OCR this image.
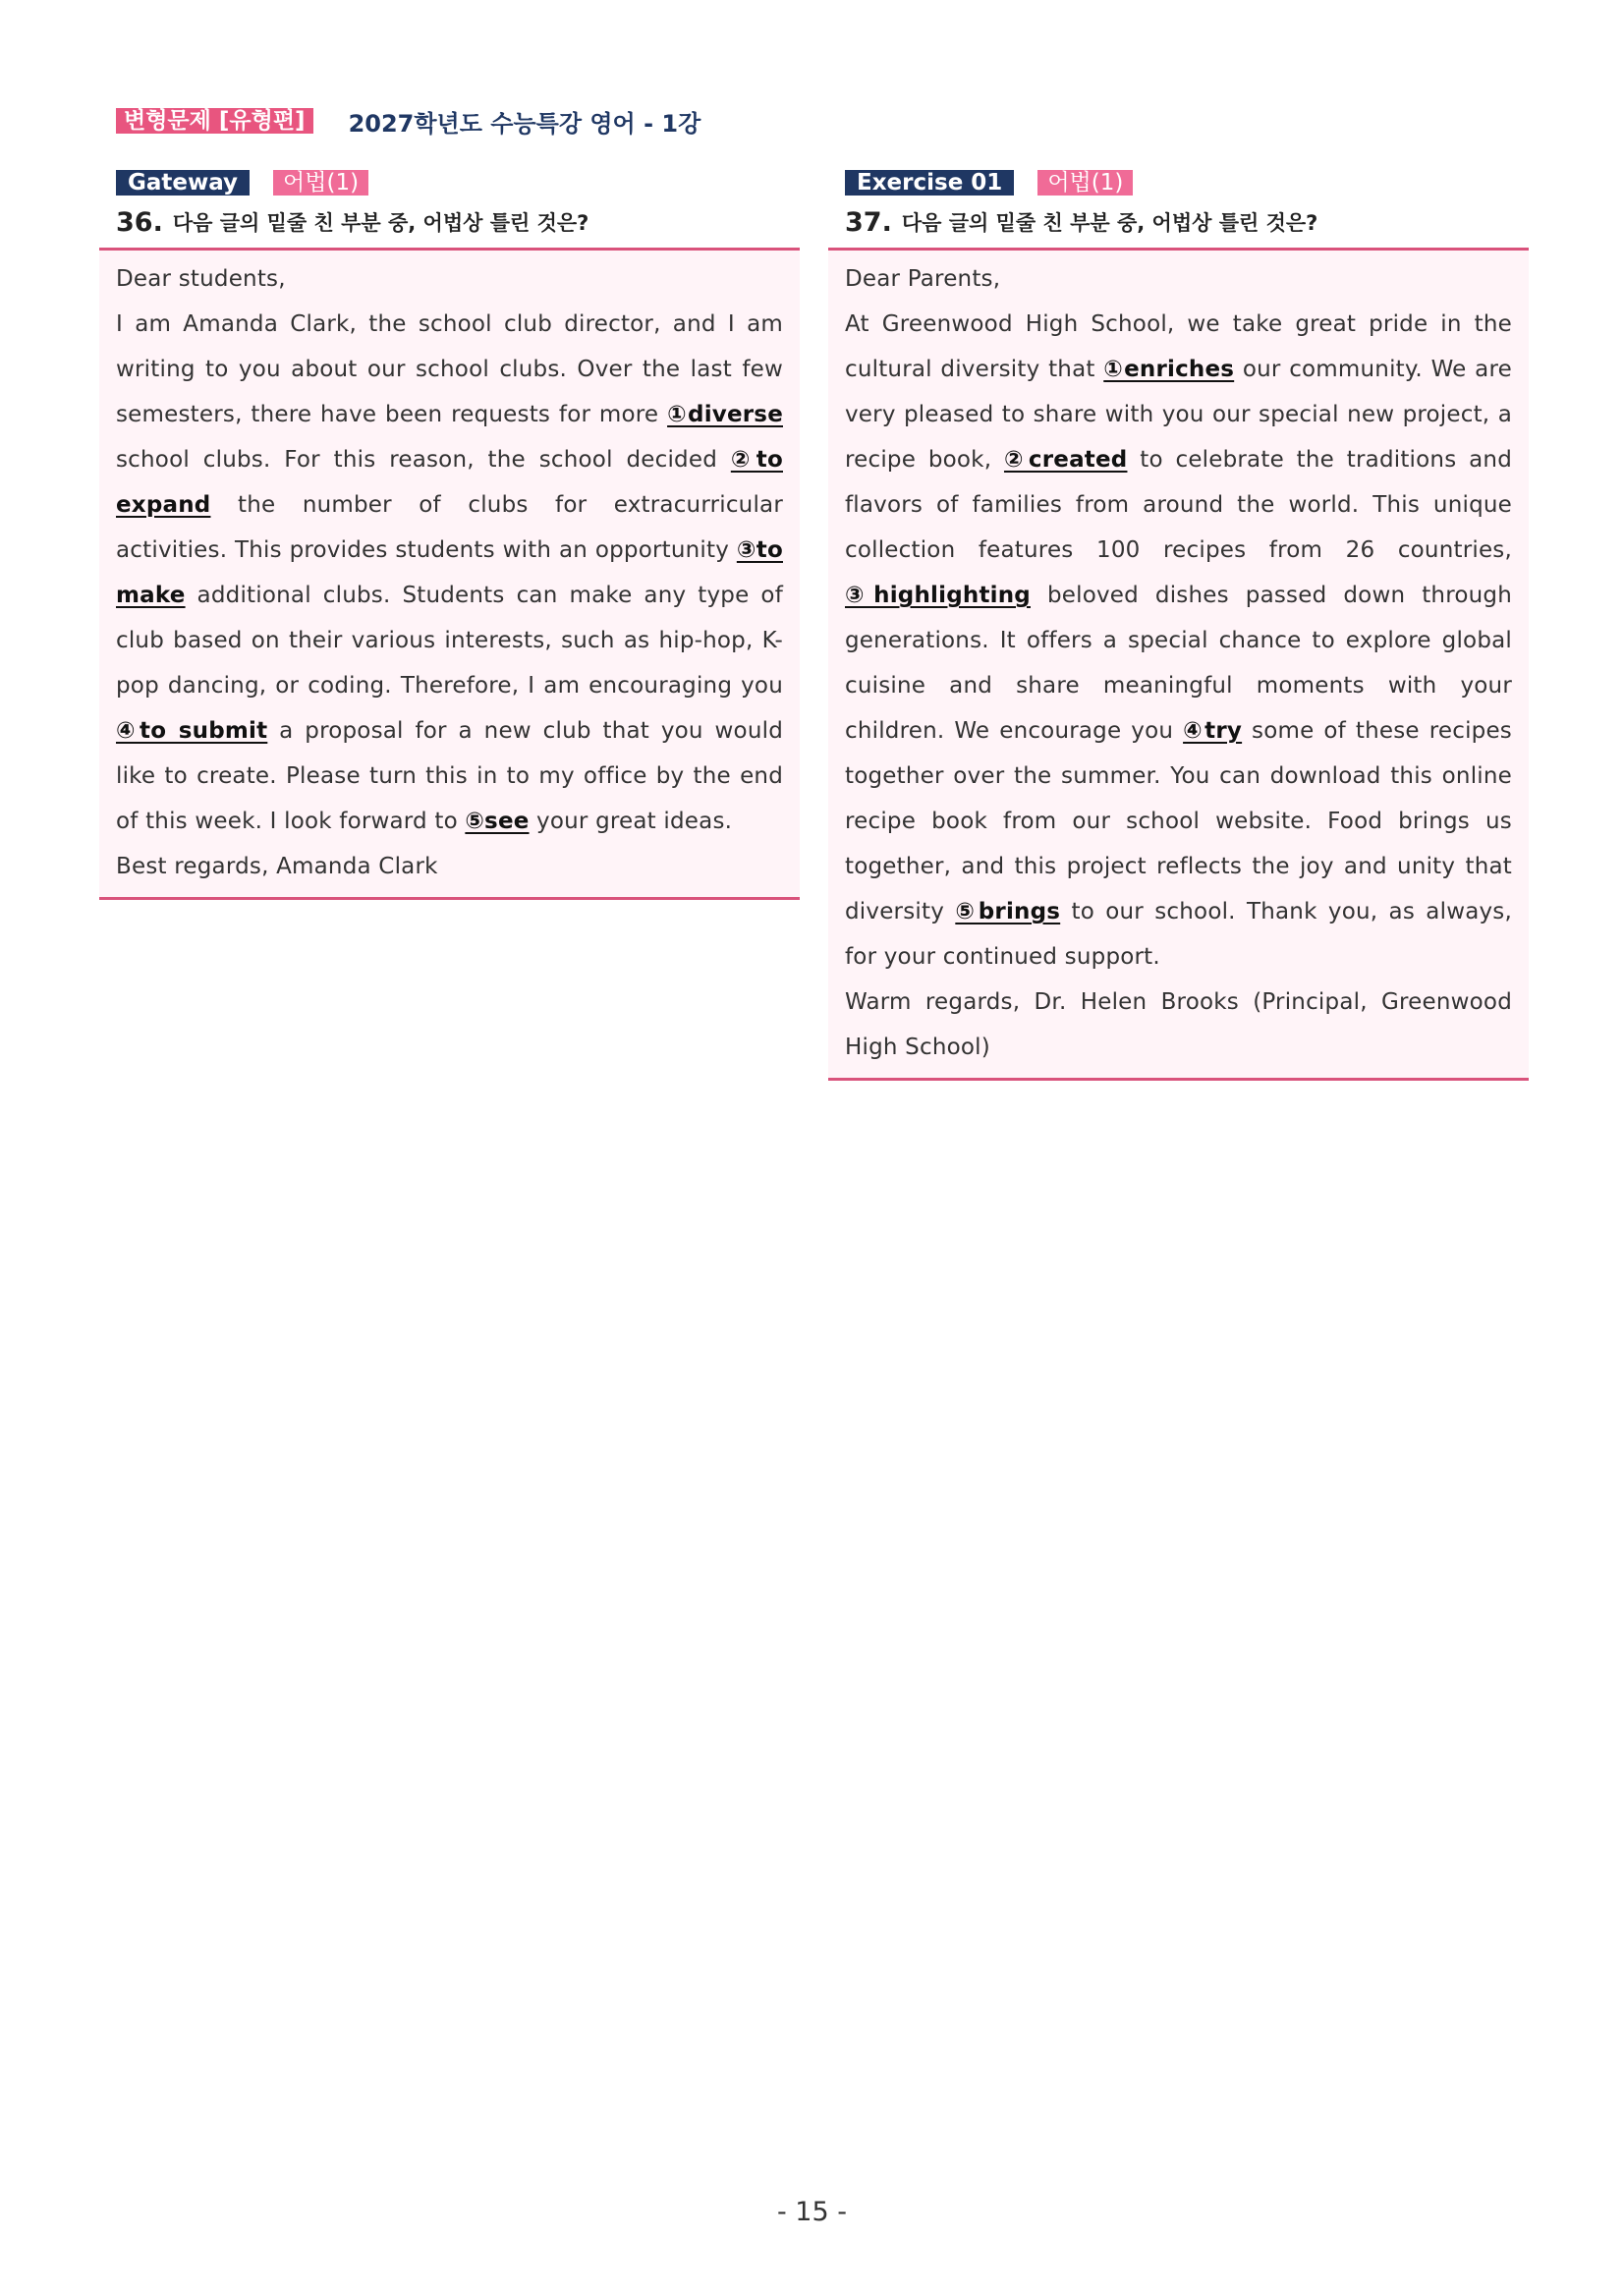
변형문제 [유형편]	2027학년도 수능특강 영어 - 1강
Gateway	어법(1)
36. 다음 글의 밑줄 친 부분 중, 어법상 틀린 것은?

Dear students,

I am Amanda Clark, the school club director, and I am writing to you about our school clubs. Over the last few semesters, there have been requests for more ①diverse school clubs. For this reason, the school decided ②to expand the number of clubs for extracurricular activities. This provides students with an opportunity ③to make additional clubs. Students can make any type of club based on their various interests, such as hip-hop, K-pop dancing, or coding. Therefore, I am encouraging you ④to submit a proposal for a new club that you would like to create. Please turn this in to my office by the end of this week. I look forward to ⑤see your great ideas.

Best regards, Amanda Clark

Exercise 01	어법(1)
37. 다음 글의 밑줄 친 부분 중, 어법상 틀린 것은?

Dear Parents,

At Greenwood High School, we take great pride in the cultural diversity that ①enriches our community. We are very pleased to share with you our special new project, a recipe book, ②created to celebrate the traditions and flavors of families from around the world. This unique collection features 100 recipes from 26 countries, ③highlighting beloved dishes passed down through generations. It offers a special chance to explore global cuisine and share meaningful moments with your children. We encourage you ④try some of these recipes together over the summer. You can download this online recipe book from our school website. Food brings us together, and this project reflects the joy and unity that diversity ⑤brings to our school. Thank you, as always, for your continued support.

Warm regards, Dr. Helen Brooks (Principal, Greenwood High School)

- 15 -
